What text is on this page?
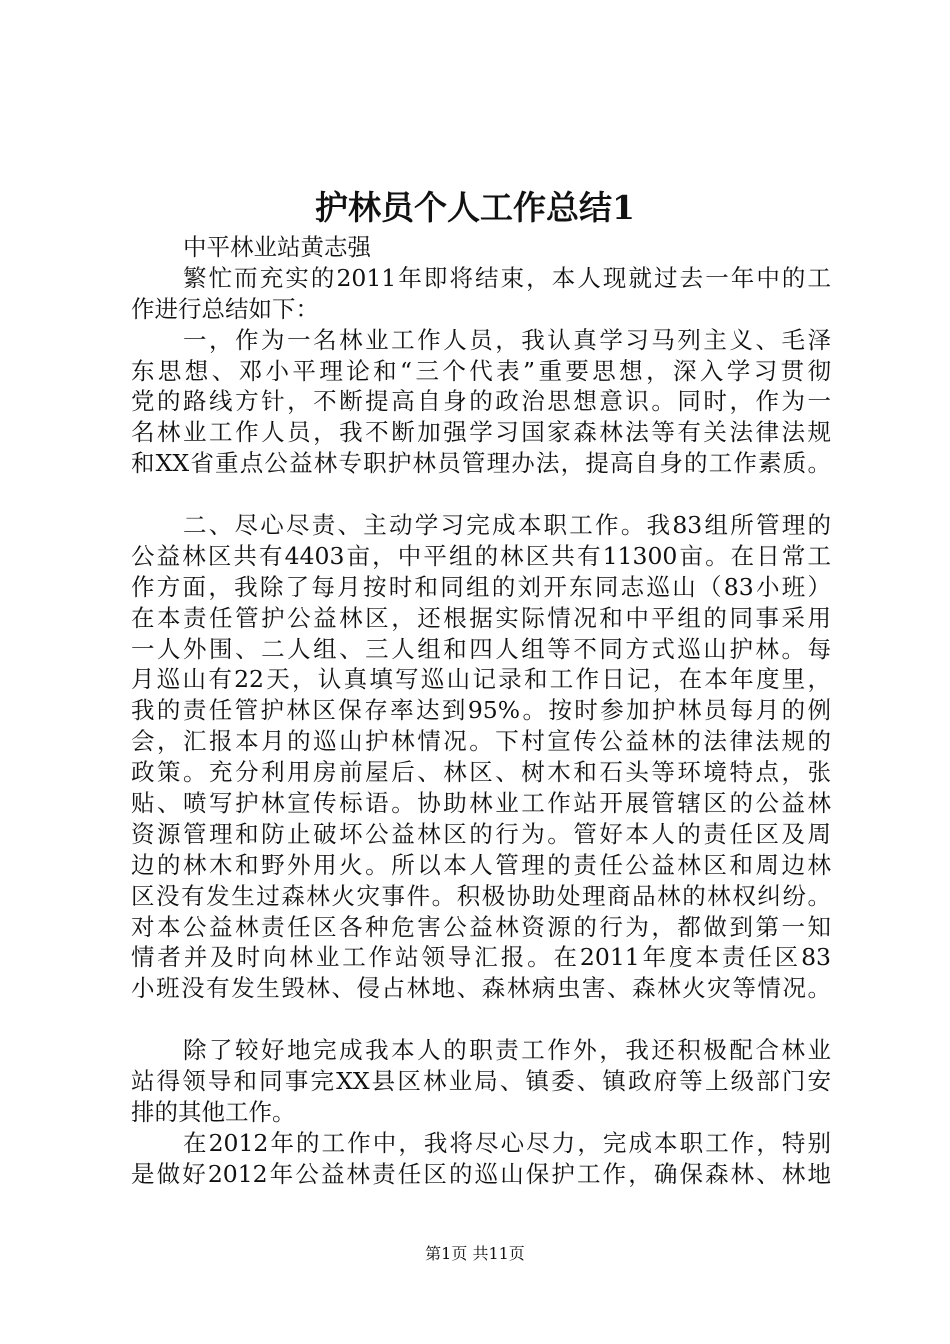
护林员个人工作总结1
中平林业站黄志强
繁忙而充实的2011年即将结束，本人现就过去一年中的工
作进行总结如下：
一，作为一名林业工作人员，我认真学习马列主义、毛泽
东思想、邓小平理论和“三个代表”重要思想，深入学习贯彻
党的路线方针，不断提高自身的政治思想意识。同时，作为一
名林业工作人员，我不断加强学习国家森林法等有关法律法规
和XX省重点公益林专职护林员管理办法，提高自身的工作素质。
二、尽心尽责、主动学习完成本职工作。我83组所管理的
公益林区共有4403亩，中平组的林区共有11300亩。在日常工
作方面，我除了每月按时和同组的刘开东同志巡山（83小班）
在本责任管护公益林区，还根据实际情况和中平组的同事采用
一人外围、二人组、三人组和四人组等不同方式巡山护林。每
月巡山有22天，认真填写巡山记录和工作日记，在本年度里，
我的责任管护林区保存率达到95%。按时参加护林员每月的例
会，汇报本月的巡山护林情况。下村宣传公益林的法律法规的
政策。充分利用房前屋后、林区、树木和石头等环境特点，张
贴、喷写护林宣传标语。协助林业工作站开展管辖区的公益林
资源管理和防止破坏公益林区的行为。管好本人的责任区及周
边的林木和野外用火。所以本人管理的责任公益林区和周边林
区没有发生过森林火灾事件。积极协助处理商品林的林权纠纷。
对本公益林责任区各种危害公益林资源的行为，都做到第一知
情者并及时向林业工作站领导汇报。在2011年度本责任区83
小班没有发生毁林、侵占林地、森林病虫害、森林火灾等情况。
除了较好地完成我本人的职责工作外，我还积极配合林业
站得领导和同事完XX县区林业局、镇委、镇政府等上级部门安
排的其他工作。
在2012年的工作中，我将尽心尽力，完成本职工作，特别
是做好2012年公益林责任区的巡山保护工作，确保森林、林地
第1页 共11页
